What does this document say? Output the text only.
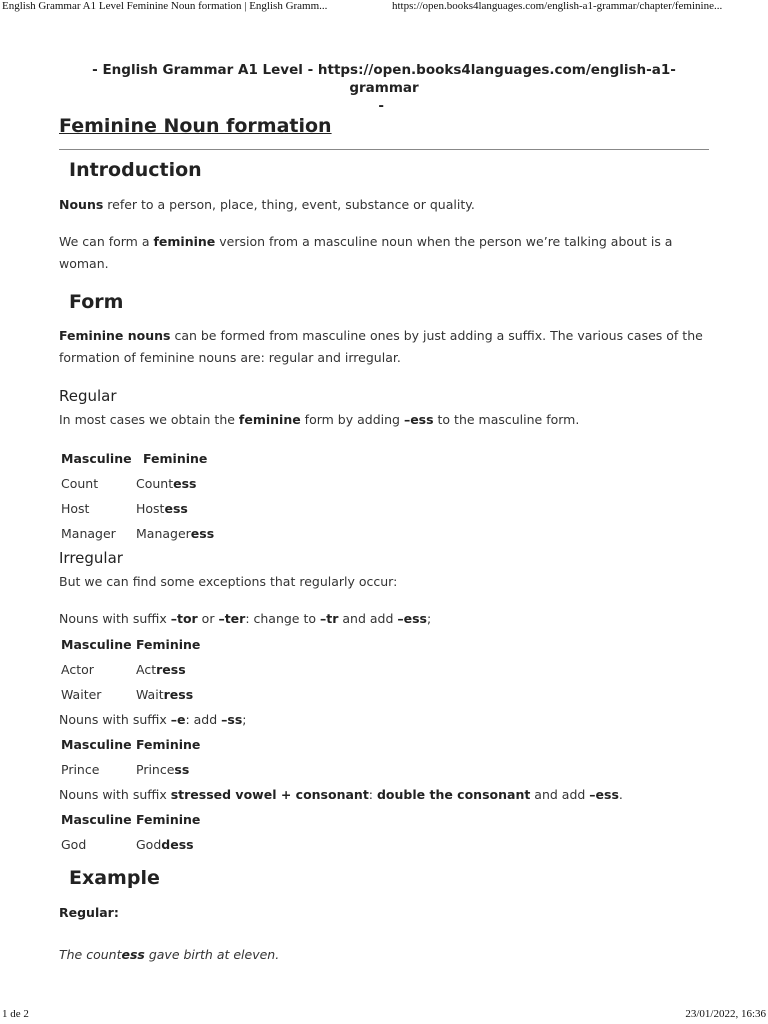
English Grammar A1 Level Feminine Noun formation | English Gramm...	https://open.books4languages.com/english-a1-grammar/chapter/feminine...
- English Grammar A1 Level - https://open.books4languages.com/english-a1-grammar
-
Feminine Noun formation
Introduction
Nouns refer to a person, place, thing, event, substance or quality.
We can form a feminine version from a masculine noun when the person we’re talking about is a woman.
Form
Feminine nouns can be formed from masculine ones by just adding a suffix. The various cases of the formation of feminine nouns are: regular and irregular.
Regular
In most cases we obtain the feminine form by adding –ess to the masculine form.
Masculine Feminine
Count	Countess
Host	Hostess
Manager Manageress
Irregular
But we can find some exceptions that regularly occur:
Nouns with suffix –tor or –ter: change to –tr and add –ess;
Masculine Feminine
Actor	Actress
Waiter	Waitress
Nouns with suffix –e: add –ss;
Masculine Feminine
Prince	Princess
Nouns with suffix stressed vowel + consonant: double the consonant and add –ess.
Masculine Feminine
God	Goddess
Example
Regular:
The countess gave birth at eleven.
1 de 2	23/01/2022, 16:36
